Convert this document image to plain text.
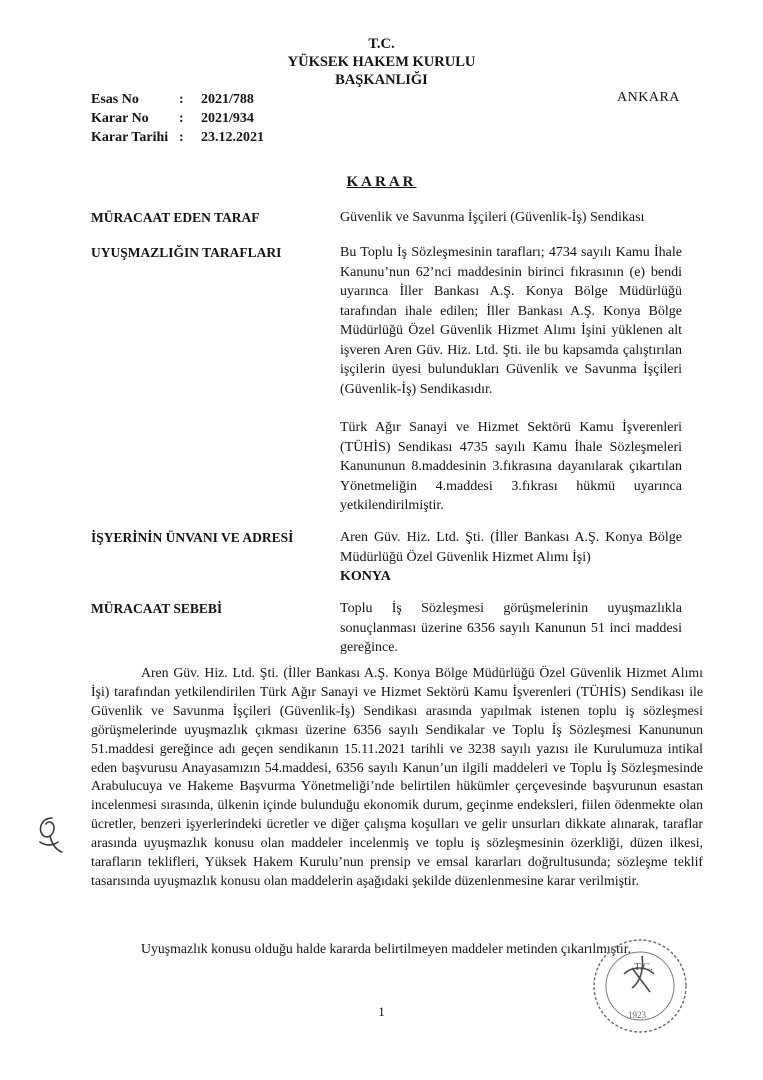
T.C.
YÜKSEK HAKEM KURULU
BAŞKANLIĞI
Esas No	:	2021/788
Karar No	:	2021/934
Karar Tarihi :	23.12.2021
ANKARA
KARAR
MÜRACAAT EDEN TARAF	Güvenlik ve Savunma İşçileri (Güvenlik-İş) Sendikası
UYUŞMAZLIĞIN TARAFLARI	Bu Toplu İş Sözleşmesinin tarafları; 4734 sayılı Kamu İhale Kanunu’nun 62’nci maddesinin birinci fıkrasının (e) bendi uyarınca İller Bankası A.Ş. Konya Bölge Müdürlüğü tarafından ihale edilen; İller Bankası A.Ş. Konya Bölge Müdürlüğü Özel Güvenlik Hizmet Alımı İşini yüklenen alt işveren Aren Güv. Hiz. Ltd. Şti. ile bu kapsamda çalıştırılan işçilerin üyesi bulundukları Güvenlik ve Savunma İşçileri (Güvenlik-İş) Sendikasıdır.
Türk Ağır Sanayi ve Hizmet Sektörü Kamu İşverenleri (TÜHİS) Sendikası 4735 sayılı Kamu İhale Sözleşmeleri Kanununun 8.maddesinin 3.fıkrasına dayanılarak çıkartılan Yönetmeliğin 4.maddesi 3.fıkrası hükmü uyarınca yetkilendirilmiştir.
İŞYERİNİN ÜNVANI VE ADRESİ	Aren Güv. Hiz. Ltd. Şti. (İller Bankası A.Ş. Konya Bölge Müdürlüğü Özel Güvenlik Hizmet Alımı İşi)
KONYA
MÜRACAAT SEBEBİ	Toplu İş Sözleşmesi görüşmelerinin uyuşmazlıkla sonuçlanması üzerine 6356 sayılı Kanunun 51 inci maddesi gereğince.
Aren Güv. Hiz. Ltd. Şti. (İller Bankası A.Ş. Konya Bölge Müdürlüğü Özel Güvenlik Hizmet Alımı İşi) tarafından yetkilendirilen Türk Ağır Sanayi ve Hizmet Sektörü Kamu İşverenleri (TÜHİS) Sendikası ile Güvenlik ve Savunma İşçileri (Güvenlik-İş) Sendikası arasında yapılmak istenen toplu iş sözleşmesi görüşmelerinde uyuşmazlık çıkması üzerine 6356 sayılı Sendikalar ve Toplu İş Sözleşmesi Kanununun 51.maddesi gereğince adı geçen sendikanın 15.11.2021 tarihli ve 3238 sayılı yazısı ile Kurulumuza intikal eden başvurusu Anayasamızın 54.maddesi, 6356 sayılı Kanun’un ilgili maddeleri ve Toplu İş Sözleşmesinde Arabulucuya ve Hakeme Başvurma Yönetmeliği’nde belirtilen hükümler çerçevesinde başvurunun esastan incelenmesi sırasında, ülkenin içinde bulunduğu ekonomik durum, geçinme endeksleri, fiilen ödenmekte olan ücretler, benzeri işyerlerindeki ücretler ve diğer çalışma koşulları ve gelir unsurları dikkate alınarak, taraflar arasında uyuşmazlık konusu olan maddeler incelenmiş ve toplu iş sözleşmesinin özerkliği, düzen ilkesi, tarafların teklifleri, Yüksek Hakem Kurulu’nun prensip ve emsal kararları doğrultusunda; sözleşme teklif tasarısında uyuşmazlık konusu olan maddelerin aşağıdaki şekilde düzenlenmesine karar verilmiştir.
Uyuşmazlık konusu olduğu halde kararda belirtilmeyen maddeler metinden çıkarılmıştır.
1
T.C.
1923
